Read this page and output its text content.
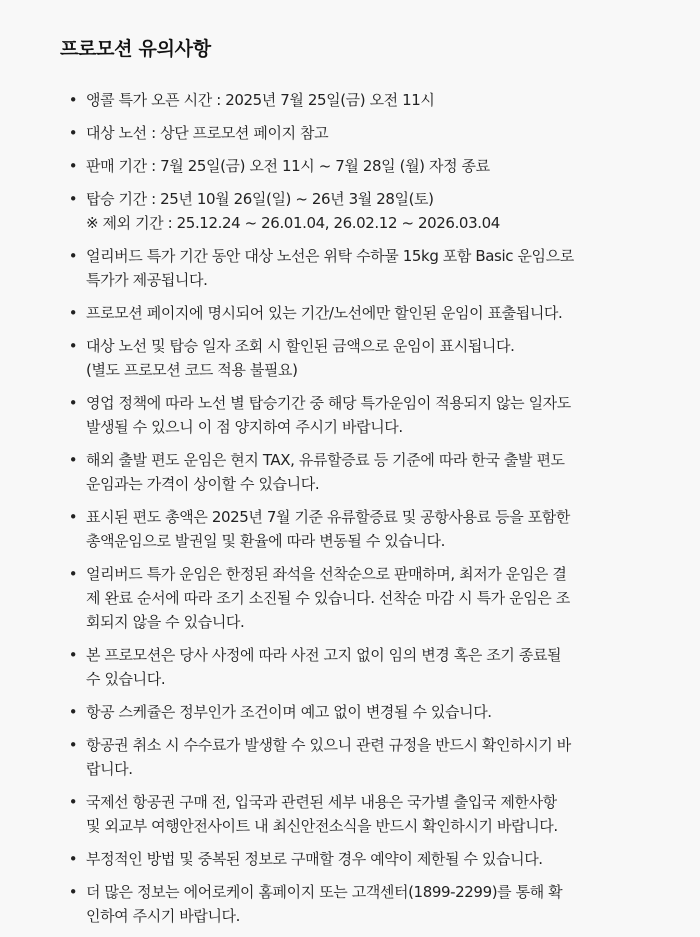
프로모션 유의사항
• 앵콜 특가 오픈 시간 : 2025년 7월 25일(금) 오전 11시
• 대상 노선 : 상단 프로모션 페이지 참고
• 판매 기간 : 7월 25일(금) 오전 11시 ~ 7월 28일 (월) 자정 종료
• 탑승 기간 : 25년 10월 26일(일) ~ 26년 3월 28일(토)
※ 제외 기간 : 25.12.24 ~ 26.01.04, 26.02.12 ~ 2026.03.04
• 얼리버드 특가 기간 동안 대상 노선은 위탁 수하물 15kg 포함 Basic 운임으로
특가가 제공됩니다.
• 프로모션 페이지에 명시되어 있는 기간/노선에만 할인된 운임이 표출됩니다.
• 대상 노선 및 탑승 일자 조회 시 할인된 금액으로 운임이 표시됩니다.
(별도 프로모션 코드 적용 불필요)
• 영업 정책에 따라 노선 별 탑승기간 중 해당 특가운임이 적용되지 않는 일자도
발생될 수 있으니 이 점 양지하여 주시기 바랍니다.
• 해외 출발 편도 운임은 현지 TAX, 유류할증료 등 기준에 따라 한국 출발 편도
운임과는 가격이 상이할 수 있습니다.
• 표시된 편도 총액은 2025년 7월 기준 유류할증료 및 공항사용료 등을 포함한
총액운임으로 발권일 및 환율에 따라 변동될 수 있습니다.
• 얼리버드 특가 운임은 한정된 좌석을 선착순으로 판매하며, 최저가 운임은 결
제 완료 순서에 따라 조기 소진될 수 있습니다. 선착순 마감 시 특가 운임은 조
회되지 않을 수 있습니다.
• 본 프로모션은 당사 사정에 따라 사전 고지 없이 임의 변경 혹은 조기 종료될
수 있습니다.
• 항공 스케쥴은 정부인가 조건이며 예고 없이 변경될 수 있습니다.
• 항공권 취소 시 수수료가 발생할 수 있으니 관련 규정을 반드시 확인하시기 바
랍니다.
• 국제선 항공권 구매 전, 입국과 관련된 세부 내용은 국가별 출입국 제한사항
및 외교부 여행안전사이트 내 최신안전소식을 반드시 확인하시기 바랍니다.
• 부정적인 방법 및 중복된 정보로 구매할 경우 예약이 제한될 수 있습니다.
• 더 많은 정보는 에어로케이 홈페이지 또는 고객센터(1899-2299)를 통해 확
인하여 주시기 바랍니다.
